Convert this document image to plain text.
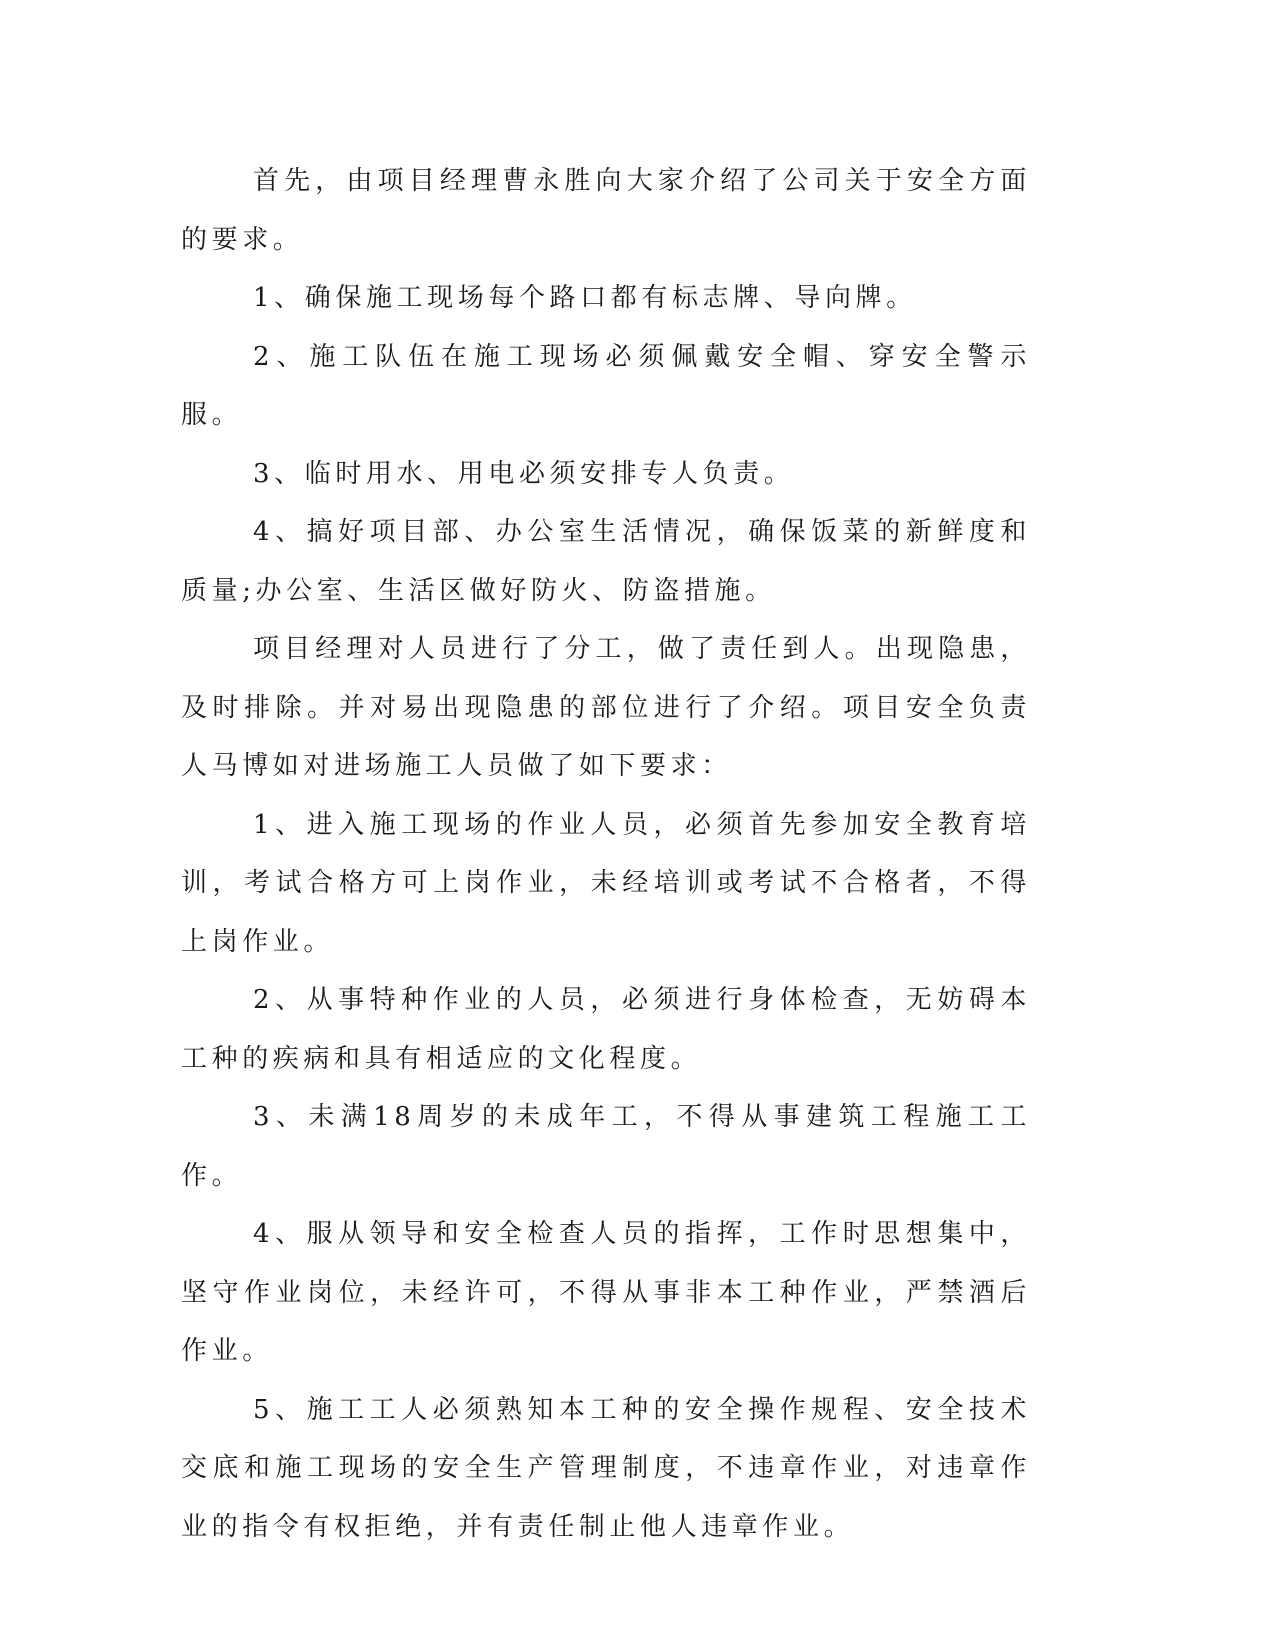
首先，由项目经理曹永胜向大家介绍了公司关于安全方面的要求。

1、确保施工现场每个路口都有标志牌、导向牌。

2、施工队伍在施工现场必须佩戴安全帽、穿安全警示服。

3、临时用水、用电必须安排专人负责。

4、搞好项目部、办公室生活情况，确保饭菜的新鲜度和质量;办公室、生活区做好防火、防盗措施。

项目经理对人员进行了分工，做了责任到人。出现隐患，及时排除。并对易出现隐患的部位进行了介绍。项目安全负责人马博如对进场施工人员做了如下要求：

1、进入施工现场的作业人员，必须首先参加安全教育培训，考试合格方可上岗作业，未经培训或考试不合格者，不得上岗作业。

2、从事特种作业的人员，必须进行身体检查，无妨碍本工种的疾病和具有相适应的文化程度。

3、未满18周岁的未成年工，不得从事建筑工程施工工作。

4、服从领导和安全检查人员的指挥，工作时思想集中，坚守作业岗位，未经许可，不得从事非本工种作业，严禁酒后作业。

5、施工工人必须熟知本工种的安全操作规程、安全技术交底和施工现场的安全生产管理制度，不违章作业，对违章作业的指令有权拒绝，并有责任制止他人违章作业。
